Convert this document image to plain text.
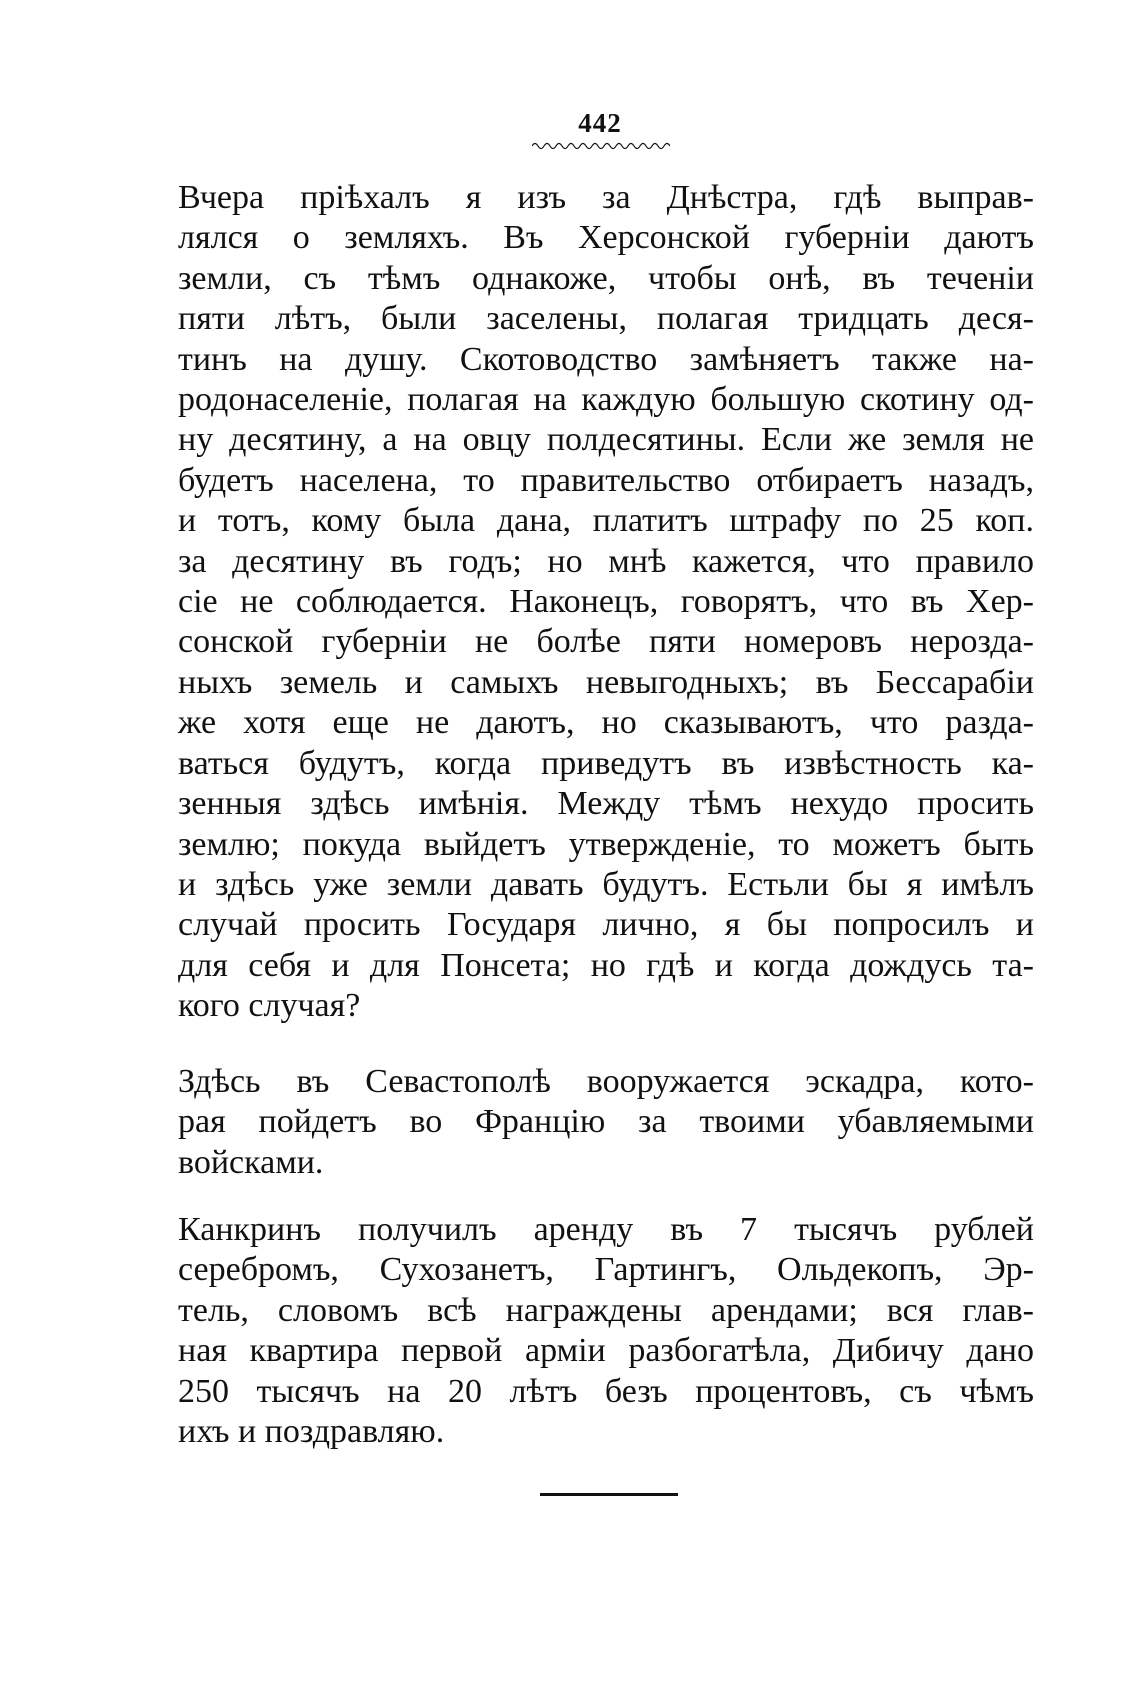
442
Вчера пріѣхалъ я изъ за Днѣстра, гдѣ выправ-
лялся о земляхъ. Въ Херсонской губерніи даютъ
земли, съ тѣмъ однакоже, чтобы онѣ, въ теченіи
пяти лѣтъ, были заселены, полагая тридцать деся-
тинъ на душу. Скотоводство замѣняетъ также на-
родонаселеніе, полагая на каждую большую скотину од-
ну десятину, а на овцу полдесятины. Если же земля не
будетъ населена, то правительство отбираетъ назадъ,
и тотъ, кому была дана, платитъ штрафу по 25 коп.
за десятину въ годъ; но мнѣ кажется, что правило
сіе не соблюдаетcя. Наконецъ, говорятъ, что въ Хер-
сонской губерніи не болѣе пяти номеровъ нерозда-
ныхъ земель и самыхъ невыгодныхъ; въ Бессарабіи
же хотя еще не даютъ, но сказываютъ, что разда-
ваться будутъ, когда приведутъ въ извѣстность ка-
зенныя здѣсь имѣнія. Между тѣмъ нехудо просить
землю; покуда выйдетъ утвержденіе, то можетъ быть
и здѣсь уже земли давать будутъ. Естьли бы я имѣлъ
случай просить Государя лично, я бы попросилъ и
для себя и для Понсета; но гдѣ и когда дождусь та-
кого случая?
Здѣсь въ Севастополѣ вооружается эскадра, кото-
рая пойдетъ во Францію за твоими убавляемыми
войсками.
Канкринъ получилъ аренду въ 7 тысячъ рублей
серебромъ, Сухозанетъ, Гартингъ, Ольдекопъ, Эр-
тель, словомъ всѣ награждены арендами; вся глав-
ная квартира первой арміи разбогатѣла, Дибичу дано
250 тысячъ на 20 лѣтъ безъ процентовъ, съ чѣмъ
ихъ и поздравляю.
